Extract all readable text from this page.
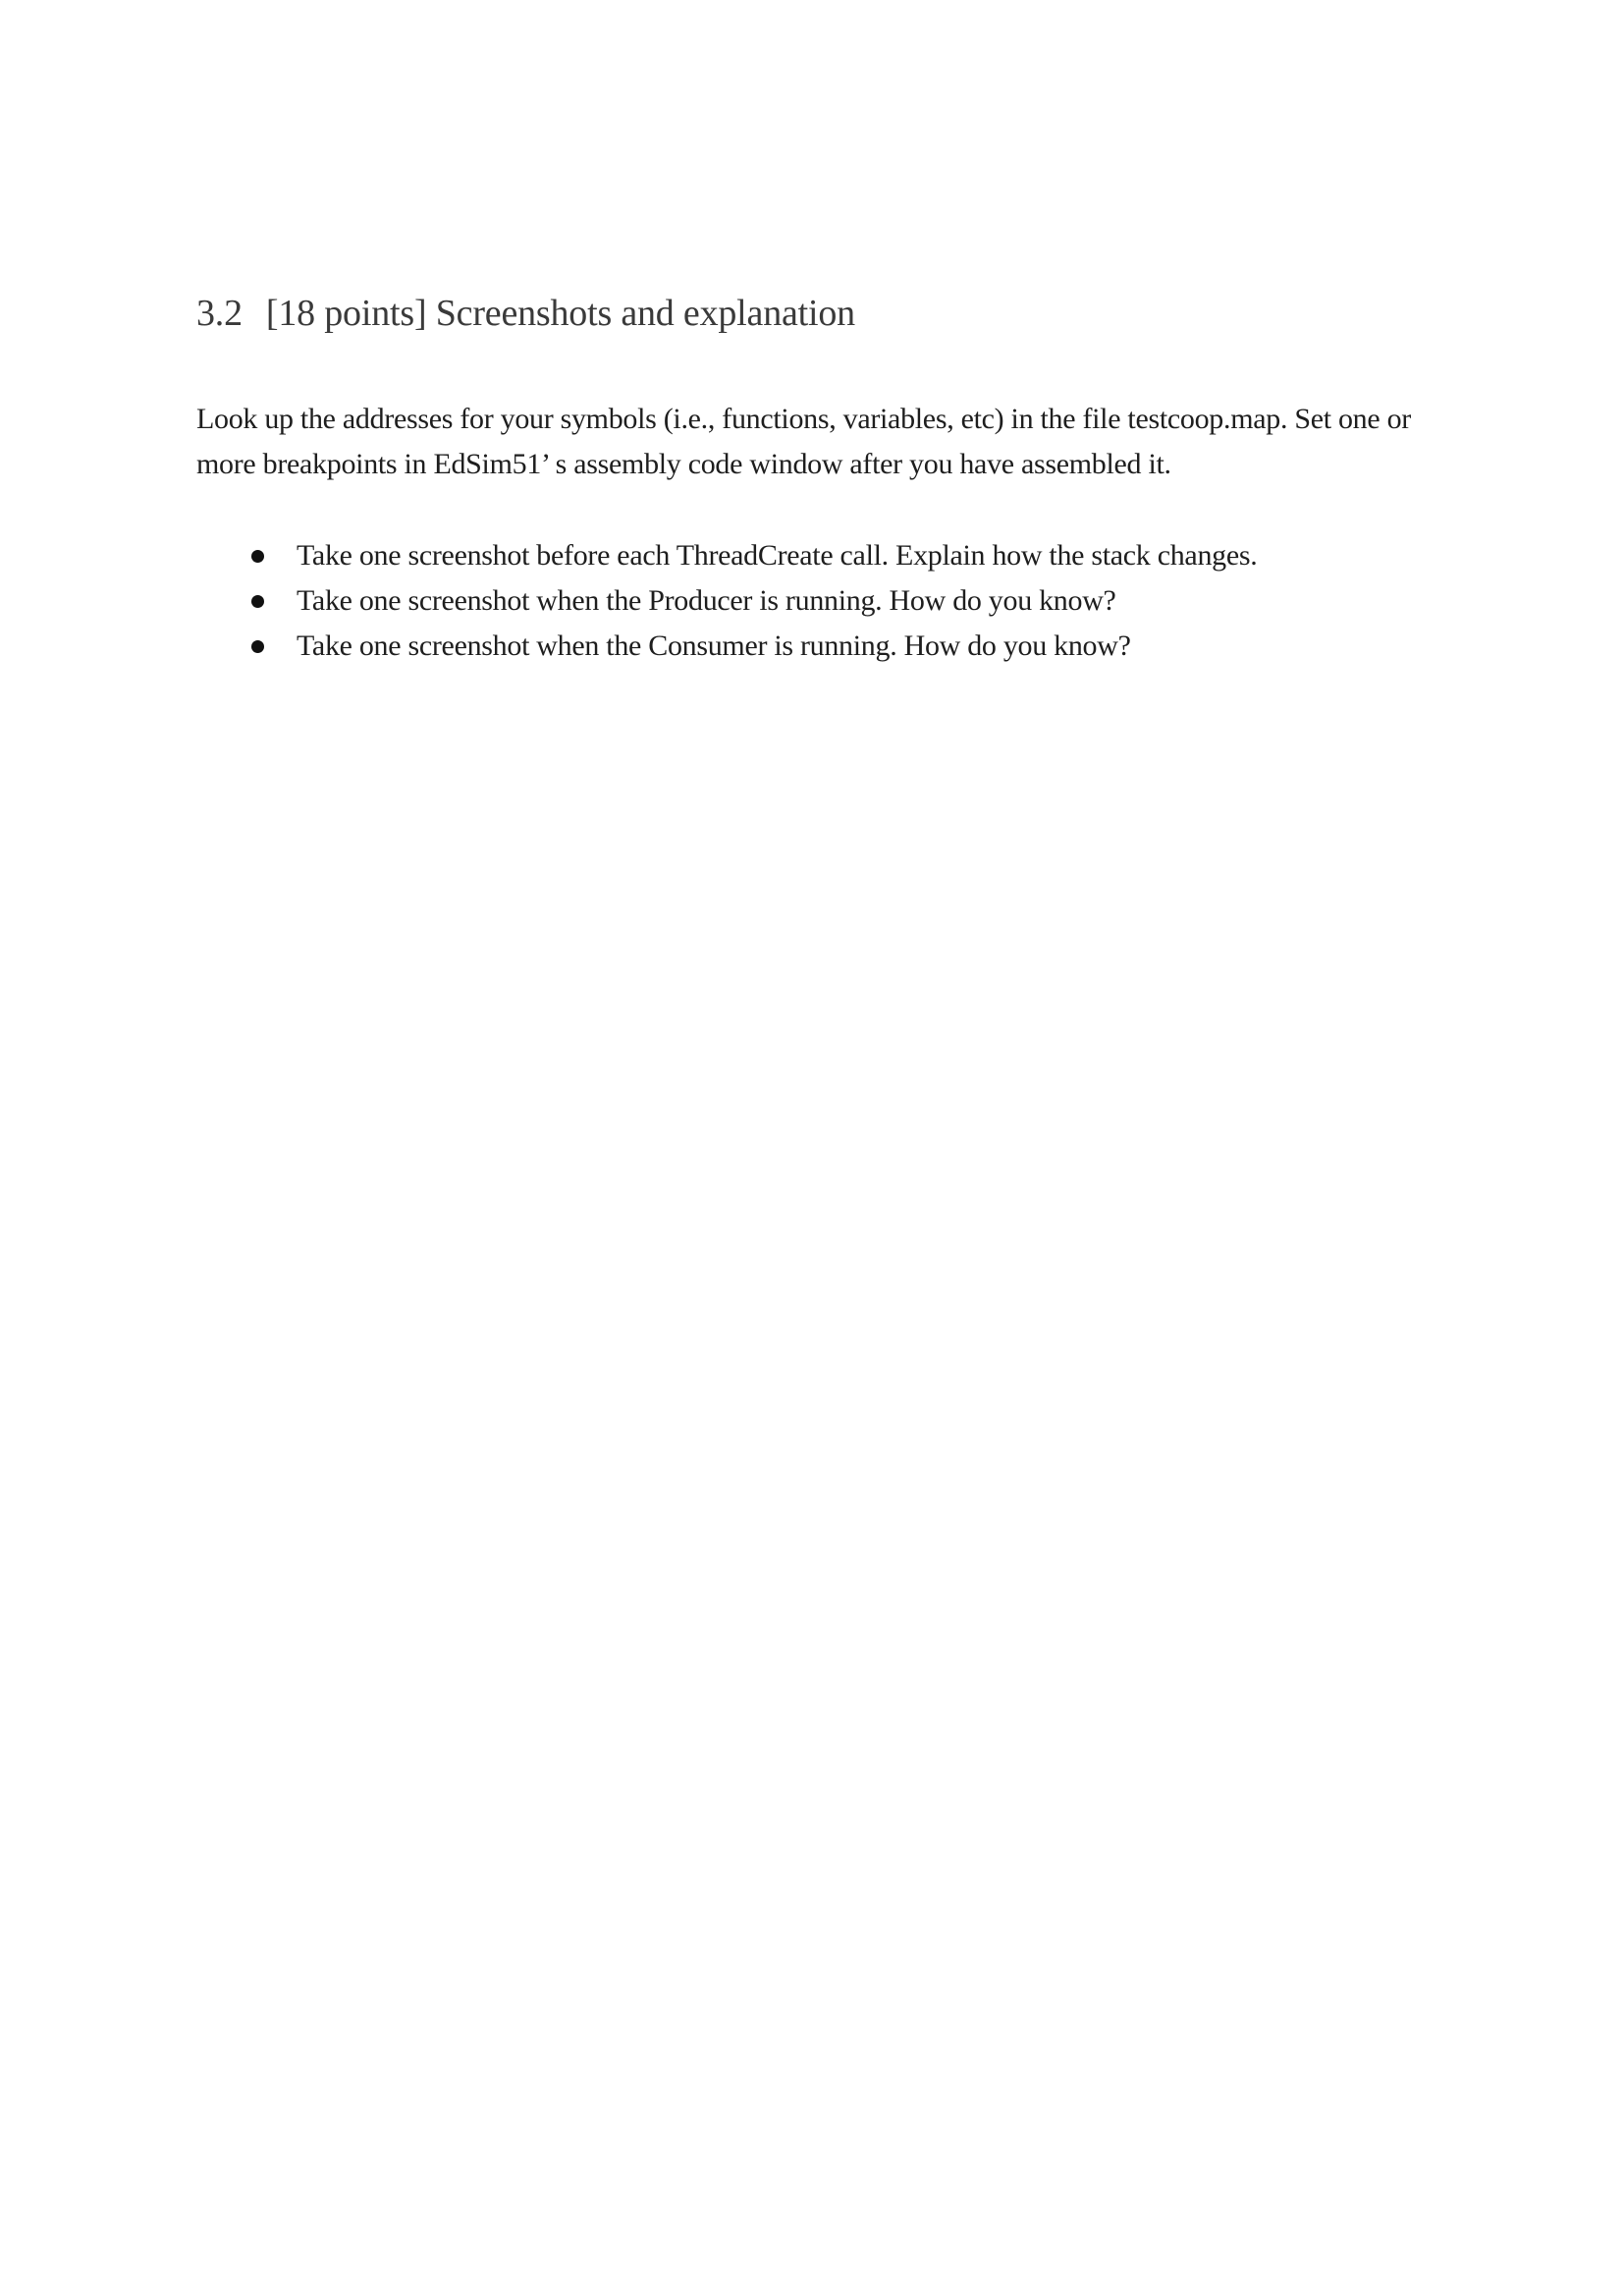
3.2 [18 points] Screenshots and explanation

Look up the addresses for your symbols (i.e., functions, variables, etc) in the file testcoop.map. Set one or
more breakpoints in EdSim51’ s assembly code window after you have assembled it.

Take one screenshot before each ThreadCreate call. Explain how the stack changes.
Take one screenshot when the Producer is running. How do you know?
Take one screenshot when the Consumer is running. How do you know?
